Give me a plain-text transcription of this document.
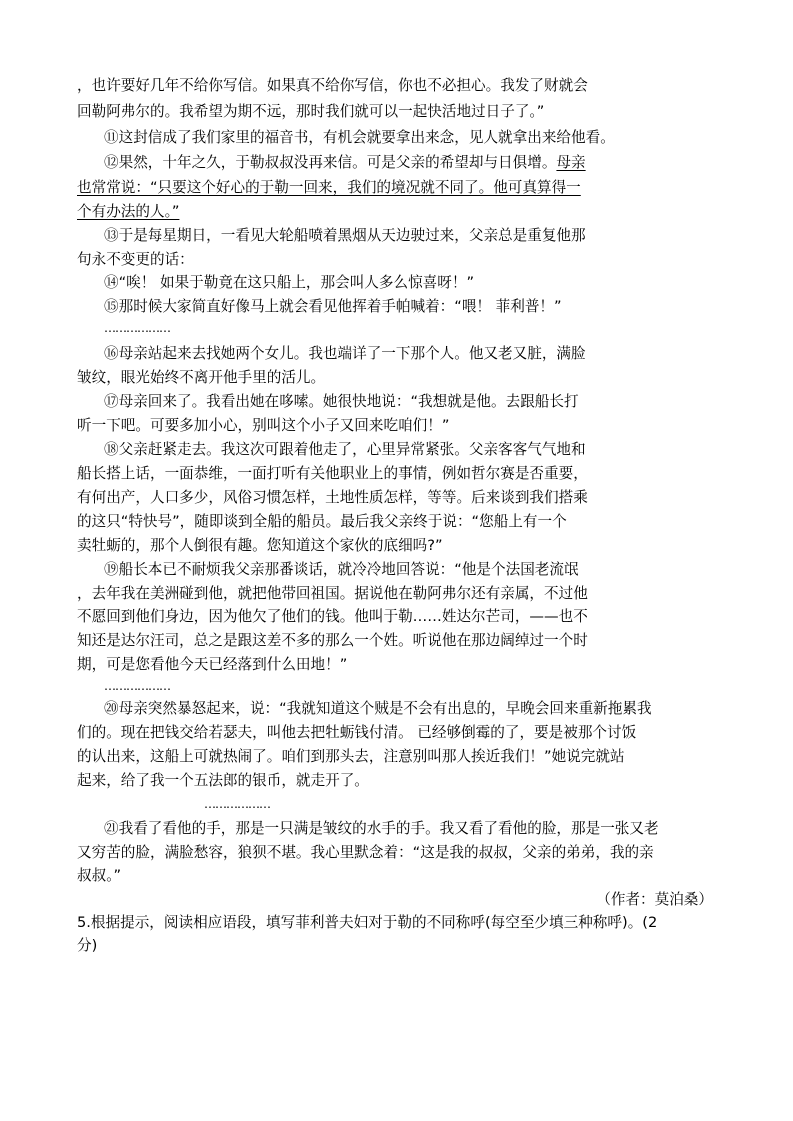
，也许要好几年不给你写信。如果真不给你写信，你也不必担心。我发了财就会

回勒阿弗尔的。我希望为期不远，那时我们就可以一起快活地过日子了。”

⑪这封信成了我们家里的福音书，有机会就要拿出来念，见人就拿出来给他看。

⑫果然，十年之久，于勒叔叔没再来信。可是父亲的希望却与日俱增。母亲

也常常说：“只要这个好心的于勒一回来，我们的境况就不同了。他可真算得一

个有办法的人。”

⑬于是每星期日，一看见大轮船喷着黑烟从天边驶过来，父亲总是重复他那

句永不变更的话：

⑭“唉！ 如果于勒竟在这只船上，那会叫人多么惊喜呀！”

⑮那时候大家简直好像马上就会看见他挥着手帕喊着：“喂！ 菲利普！”

………………

⑯母亲站起来去找她两个女儿。我也端详了一下那个人。他又老又脏，满脸

皱纹，眼光始终不离开他手里的活儿。

⑰母亲回来了。我看出她在哆嗦。她很快地说：“我想就是他。去跟船长打

听一下吧。可要多加小心，别叫这个小子又回来吃咱们！”

⑱父亲赶紧走去。我这次可跟着他走了，心里异常紧张。父亲客客气气地和

船长搭上话，一面恭维，一面打听有关他职业上的事情，例如哲尔赛是否重要，

有何出产，人口多少，风俗习惯怎样，土地性质怎样，等等。后来谈到我们搭乘

的这只“特快号”，随即谈到全船的船员。最后我父亲终于说：“您船上有一个

卖牡蛎的，那个人倒很有趣。您知道这个家伙的底细吗?”

⑲船长本已不耐烦我父亲那番谈话，就冷冷地回答说：“他是个法国老流氓

，去年我在美洲碰到他，就把他带回祖国。据说他在勒阿弗尔还有亲属，不过他

不愿回到他们身边，因为他欠了他们的钱。他叫于勒……姓达尔芒司，——也不

知还是达尔汪司，总之是跟这差不多的那么一个姓。听说他在那边阔绰过一个时

期，可是您看他今天已经落到什么田地！”

………………

⑳母亲突然暴怒起来，说：“我就知道这个贼是不会有出息的，早晚会回来重新拖累我

们的。现在把钱交给若瑟夫，叫他去把牡蛎钱付清。 已经够倒霉的了，要是被那个讨饭

的认出来，这船上可就热闹了。咱们到那头去，注意别叫那人挨近我们！”她说完就站

起来，给了我一个五法郎的银币，就走开了。

………………

㉑我看了看他的手，那是一只满是皱纹的水手的手。我又看了看他的脸，那是一张又老

又穷苦的脸，满脸愁容，狼狈不堪。我心里默念着：“这是我的叔叔，父亲的弟弟，我的亲

叔叔。”

（作者：莫泊桑）

5.根据提示，阅读相应语段，填写菲利普夫妇对于勒的不同称呼(每空至少填三种称呼)。(2

分)
